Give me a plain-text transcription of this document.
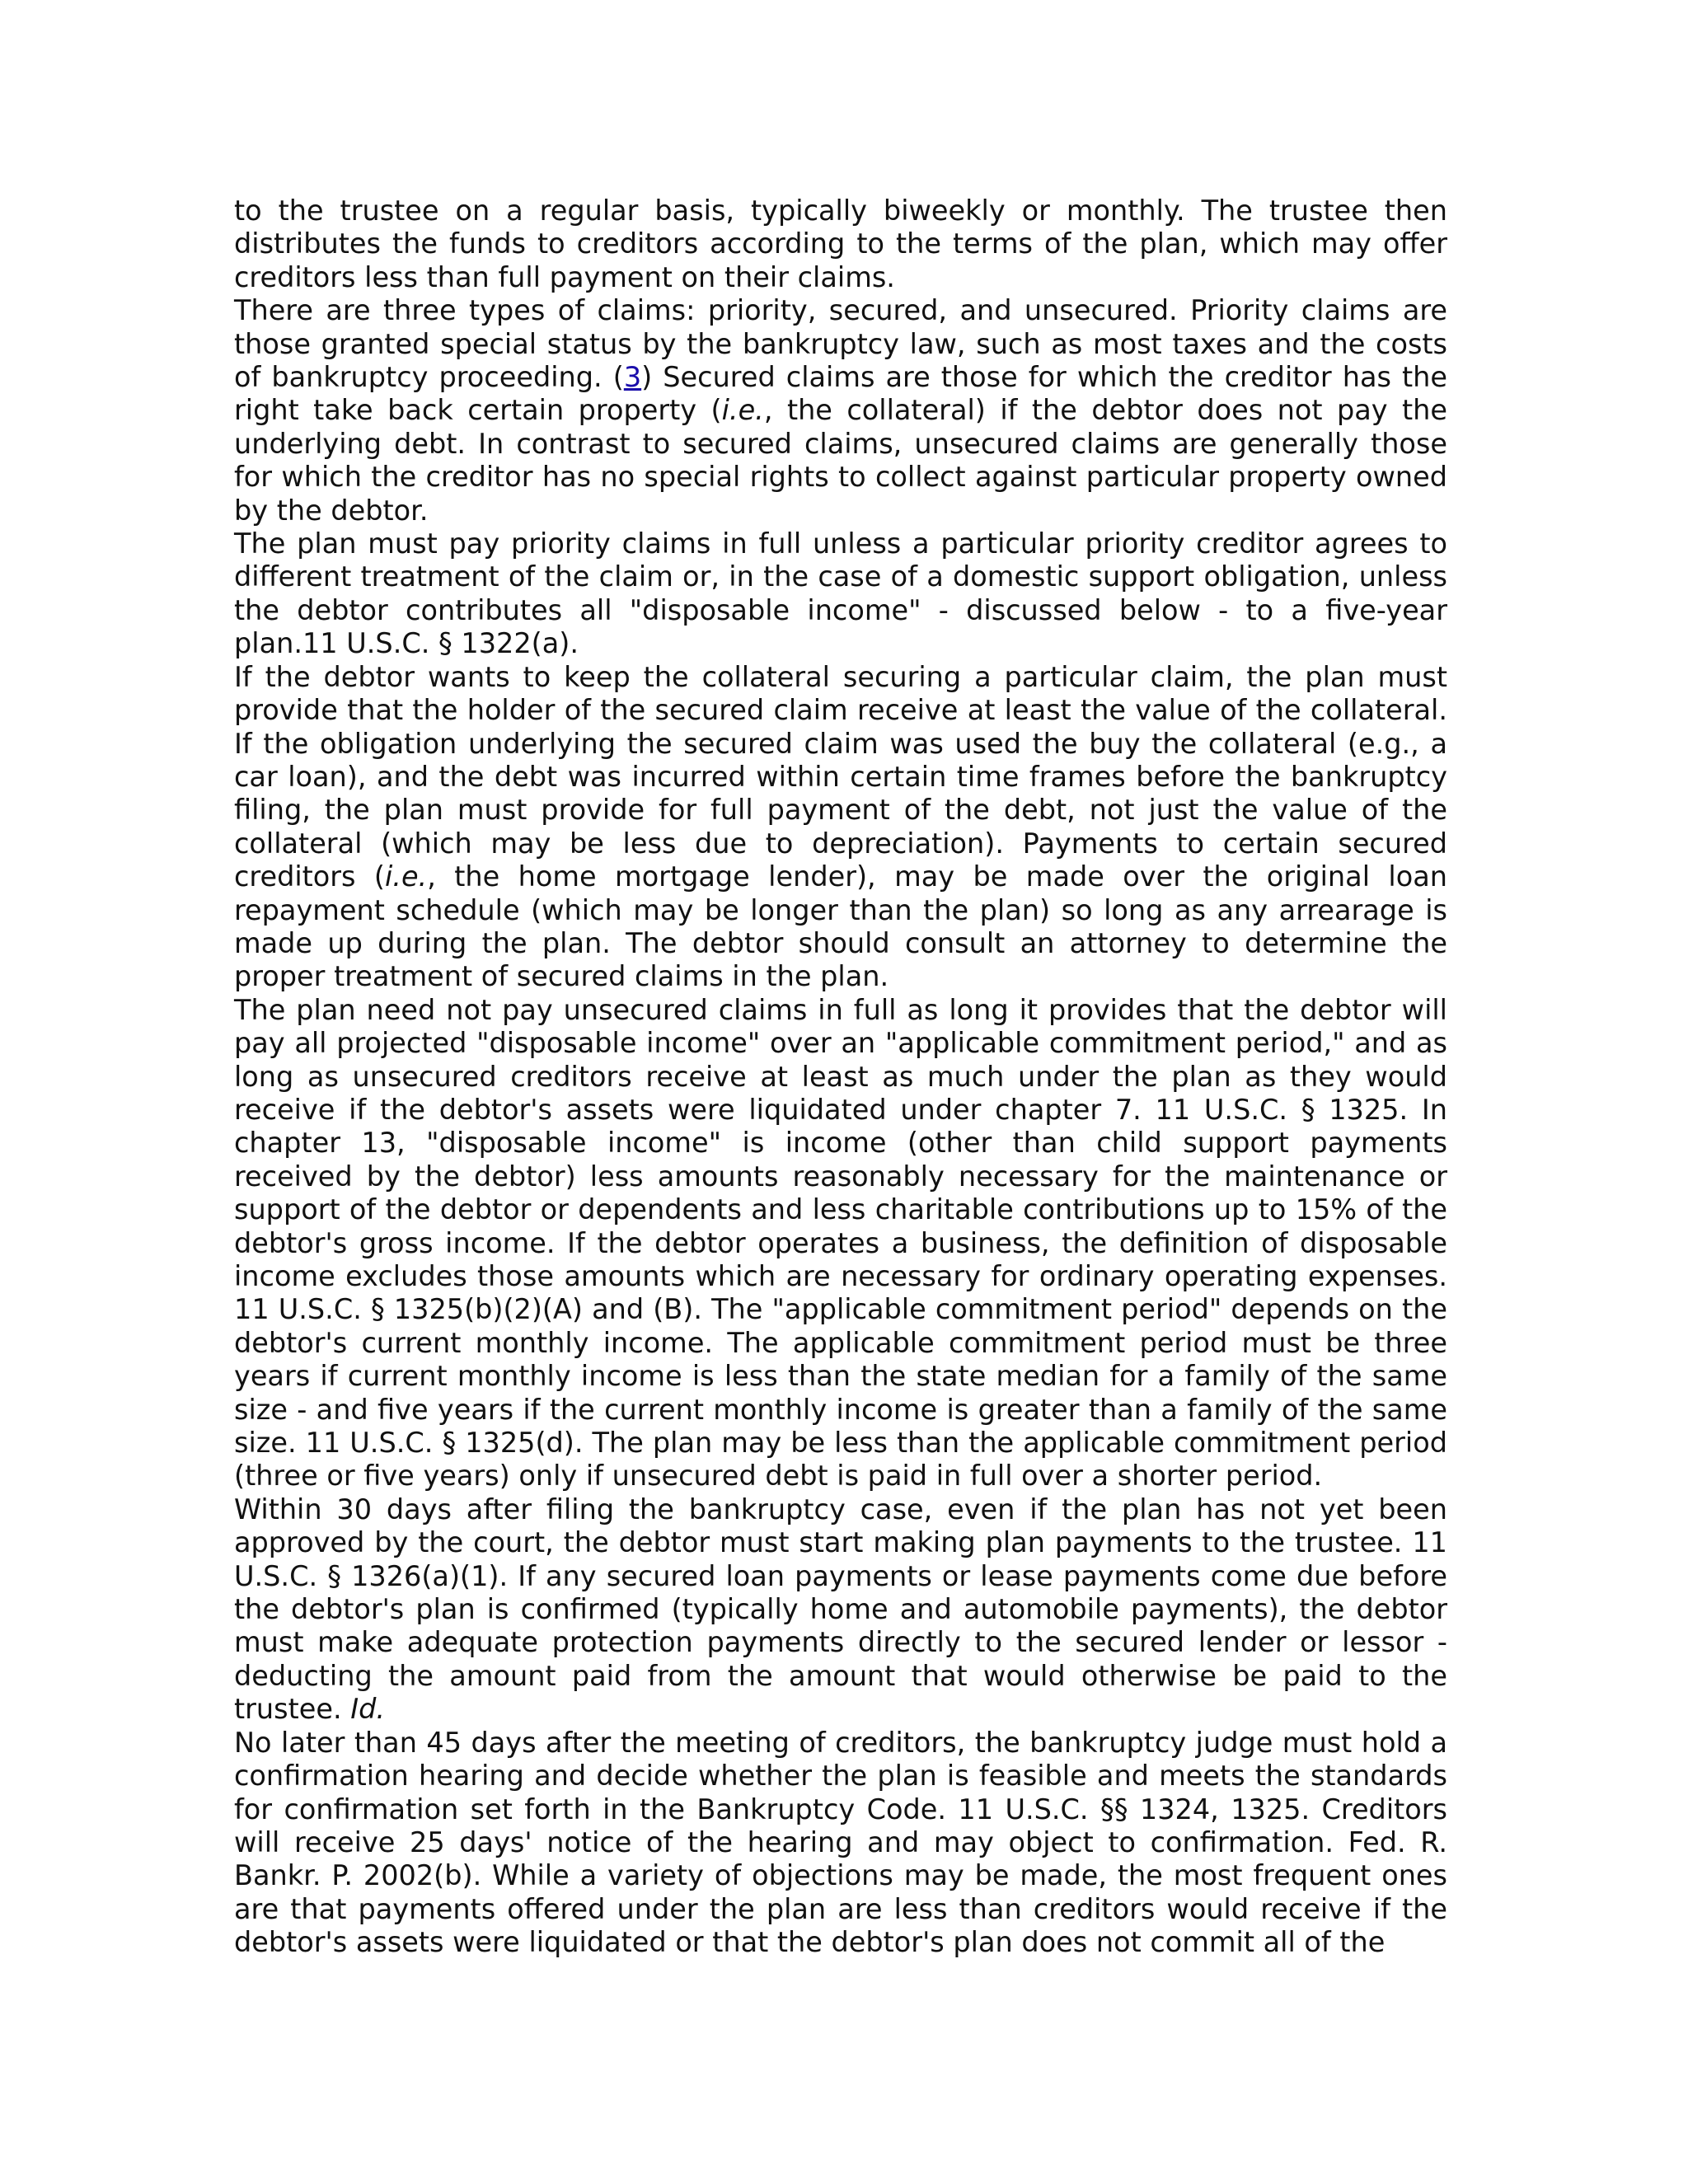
to the trustee on a regular basis, typically biweekly or monthly. The trustee then distributes the funds to creditors according to the terms of the plan, which may offer creditors less than full payment on their claims.

There are three types of claims: priority, secured, and unsecured. Priority claims are those granted special status by the bankruptcy law, such as most taxes and the costs of bankruptcy proceeding. (3) Secured claims are those for which the creditor has the right take back certain property (i.e., the collateral) if the debtor does not pay the underlying debt. In contrast to secured claims, unsecured claims are generally those for which the creditor has no special rights to collect against particular property owned by the debtor.

The plan must pay priority claims in full unless a particular priority creditor agrees to different treatment of the claim or, in the case of a domestic support obligation, unless the debtor contributes all "disposable income" - discussed below - to a five-year plan.11 U.S.C. § 1322(a).

If the debtor wants to keep the collateral securing a particular claim, the plan must provide that the holder of the secured claim receive at least the value of the collateral. If the obligation underlying the secured claim was used the buy the collateral (e.g., a car loan), and the debt was incurred within certain time frames before the bankruptcy filing, the plan must provide for full payment of the debt, not just the value of the collateral (which may be less due to depreciation). Payments to certain secured creditors (i.e., the home mortgage lender), may be made over the original loan repayment schedule (which may be longer than the plan) so long as any arrearage is made up during the plan. The debtor should consult an attorney to determine the proper treatment of secured claims in the plan.

The plan need not pay unsecured claims in full as long it provides that the debtor will pay all projected "disposable income" over an "applicable commitment period," and as long as unsecured creditors receive at least as much under the plan as they would receive if the debtor's assets were liquidated under chapter 7. 11 U.S.C. § 1325. In chapter 13, "disposable income" is income (other than child support payments received by the debtor) less amounts reasonably necessary for the maintenance or support of the debtor or dependents and less charitable contributions up to 15% of the debtor's gross income. If the debtor operates a business, the definition of disposable income excludes those amounts which are necessary for ordinary operating expenses. 11 U.S.C. § 1325(b)(2)(A) and (B). The "applicable commitment period" depends on the debtor's current monthly income. The applicable commitment period must be three years if current monthly income is less than the state median for a family of the same size - and five years if the current monthly income is greater than a family of the same size. 11 U.S.C. § 1325(d). The plan may be less than the applicable commitment period (three or five years) only if unsecured debt is paid in full over a shorter period.

Within 30 days after filing the bankruptcy case, even if the plan has not yet been approved by the court, the debtor must start making plan payments to the trustee. 11 U.S.C. § 1326(a)(1). If any secured loan payments or lease payments come due before the debtor's plan is confirmed (typically home and automobile payments), the debtor must make adequate protection payments directly to the secured lender or lessor - deducting the amount paid from the amount that would otherwise be paid to the trustee. Id.

No later than 45 days after the meeting of creditors, the bankruptcy judge must hold a confirmation hearing and decide whether the plan is feasible and meets the standards for confirmation set forth in the Bankruptcy Code. 11 U.S.C. §§ 1324, 1325. Creditors will receive 25 days' notice of the hearing and may object to confirmation. Fed. R. Bankr. P. 2002(b). While a variety of objections may be made, the most frequent ones are that payments offered under the plan are less than creditors would receive if the debtor's assets were liquidated or that the debtor's plan does not commit all of the
